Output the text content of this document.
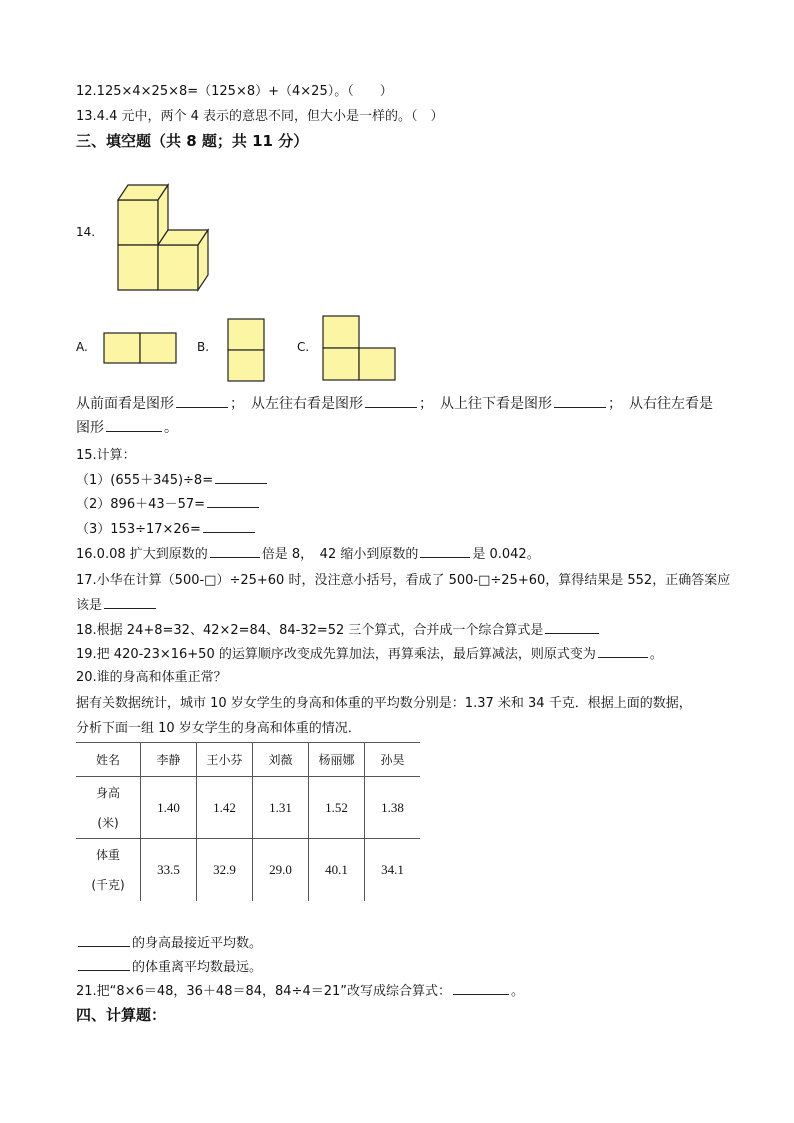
12.125×4×25×8=（125×8）+（4×25）。（　　）
13.4.4 元中，两个 4 表示的意思不同，但大小是一样的。（　）
三、填空题（共 8 题；共 11 分）
14.
A.	B.	C.
从前面看是图形	；　从左往右看是图形	；　从上往下看是图形	；　从右往左看是
图形	。
15.计算：
（1）(655＋345)÷8=
（2）896＋43－57=
（3）153÷17×26=
16.0.08 扩大到原数的	倍是 8，　42 缩小到原数的	是 0.042。
17.小华在计算（500-□）÷25+60 时，没注意小括号，看成了 500-□÷25+60，算得结果是 552，正确答案应
该是
18.根据 24+8=32、42×2=84、84-32=52 三个算式，合并成一个综合算式是
19.把 420-23×16+50 的运算顺序改变成先算加法，再算乘法，最后算减法，则原式变为	。
20.谁的身高和体重正常？
据有关数据统计，城市 10 岁女学生的身高和体重的平均数分别是：1.37 米和 34 千克．根据上面的数据，
分析下面一组 10 岁女学生的身高和体重的情况．
姓名	李静	王小芬	刘薇	杨丽娜	孙昊

身高
(米)	1.40	1.42	1.31	1.52	1.38

体重
(千克)	33.5	32.9	29.0	40.1	34.1
的身高最接近平均数。
的体重离平均数最远。
21.把“8×6＝48，36＋48＝84，84÷4＝21”改写成综合算式：	。
四、计算题：
